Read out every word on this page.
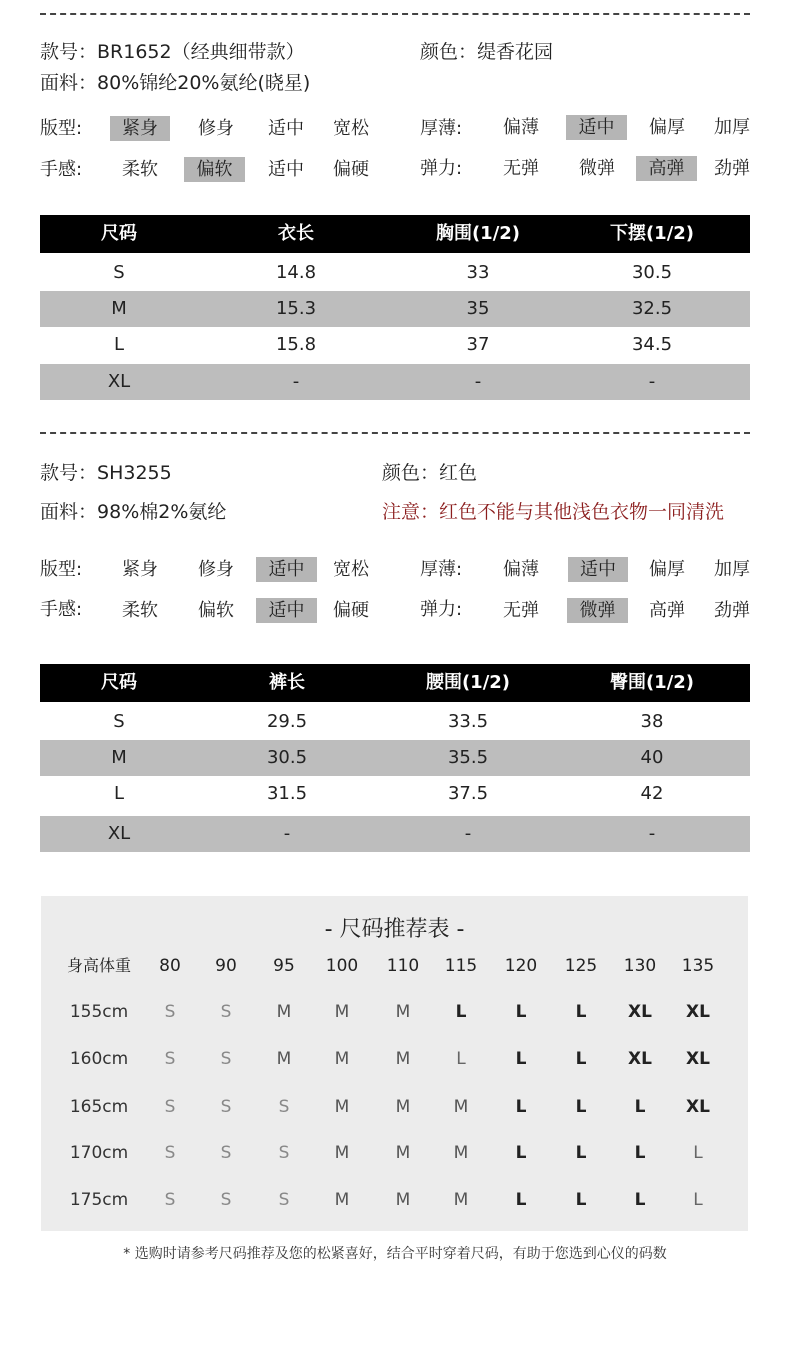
款号：BR1652（经典细带款）	颜色：缇香花园
面料：80%锦纶20%氨纶(晓星)
版型:	紧身	修身	适中	宽松	厚薄:	偏薄	适中	偏厚	加厚
手感:	柔软	偏软	适中	偏硬	弹力:	无弹	微弹	高弹	劲弹
尺码	衣长	胸围(1/2)	下摆(1/2)
S	14.8	33	30.5
M	15.3	35	32.5
L	15.8	37	34.5
XL	-	-	-
款号：SH3255	颜色：红色
面料：98%棉2%氨纶	注意：红色不能与其他浅色衣物一同清洗
版型:	紧身	修身	适中	宽松	厚薄:	偏薄	适中	偏厚	加厚
手感:	柔软	偏软	适中	偏硬	弹力:	无弹	微弹	高弹	劲弹
尺码	裤长	腰围(1/2)	臀围(1/2)
S	29.5	33.5	38
M	30.5	35.5	40
L	31.5	37.5	42
XL	-	-	-
- 尺码推荐表 -
身高体重 80 90 95 100 110 115 120 125 130 135
155cm S	S	M	M	M	L	L	L XL XL
160cm S	S	M	M	M	L	L	L XL XL
165cm S	S	S	M	M	M	L	L	L XL
170cm S	S	S	M	M	M	L	L	L	L
175cm S	S	S	M	M	M	L	L	L	L
* 选购时请参考尺码推荐及您的松紧喜好，结合平时穿着尺码，有助于您选到心仪的码数
